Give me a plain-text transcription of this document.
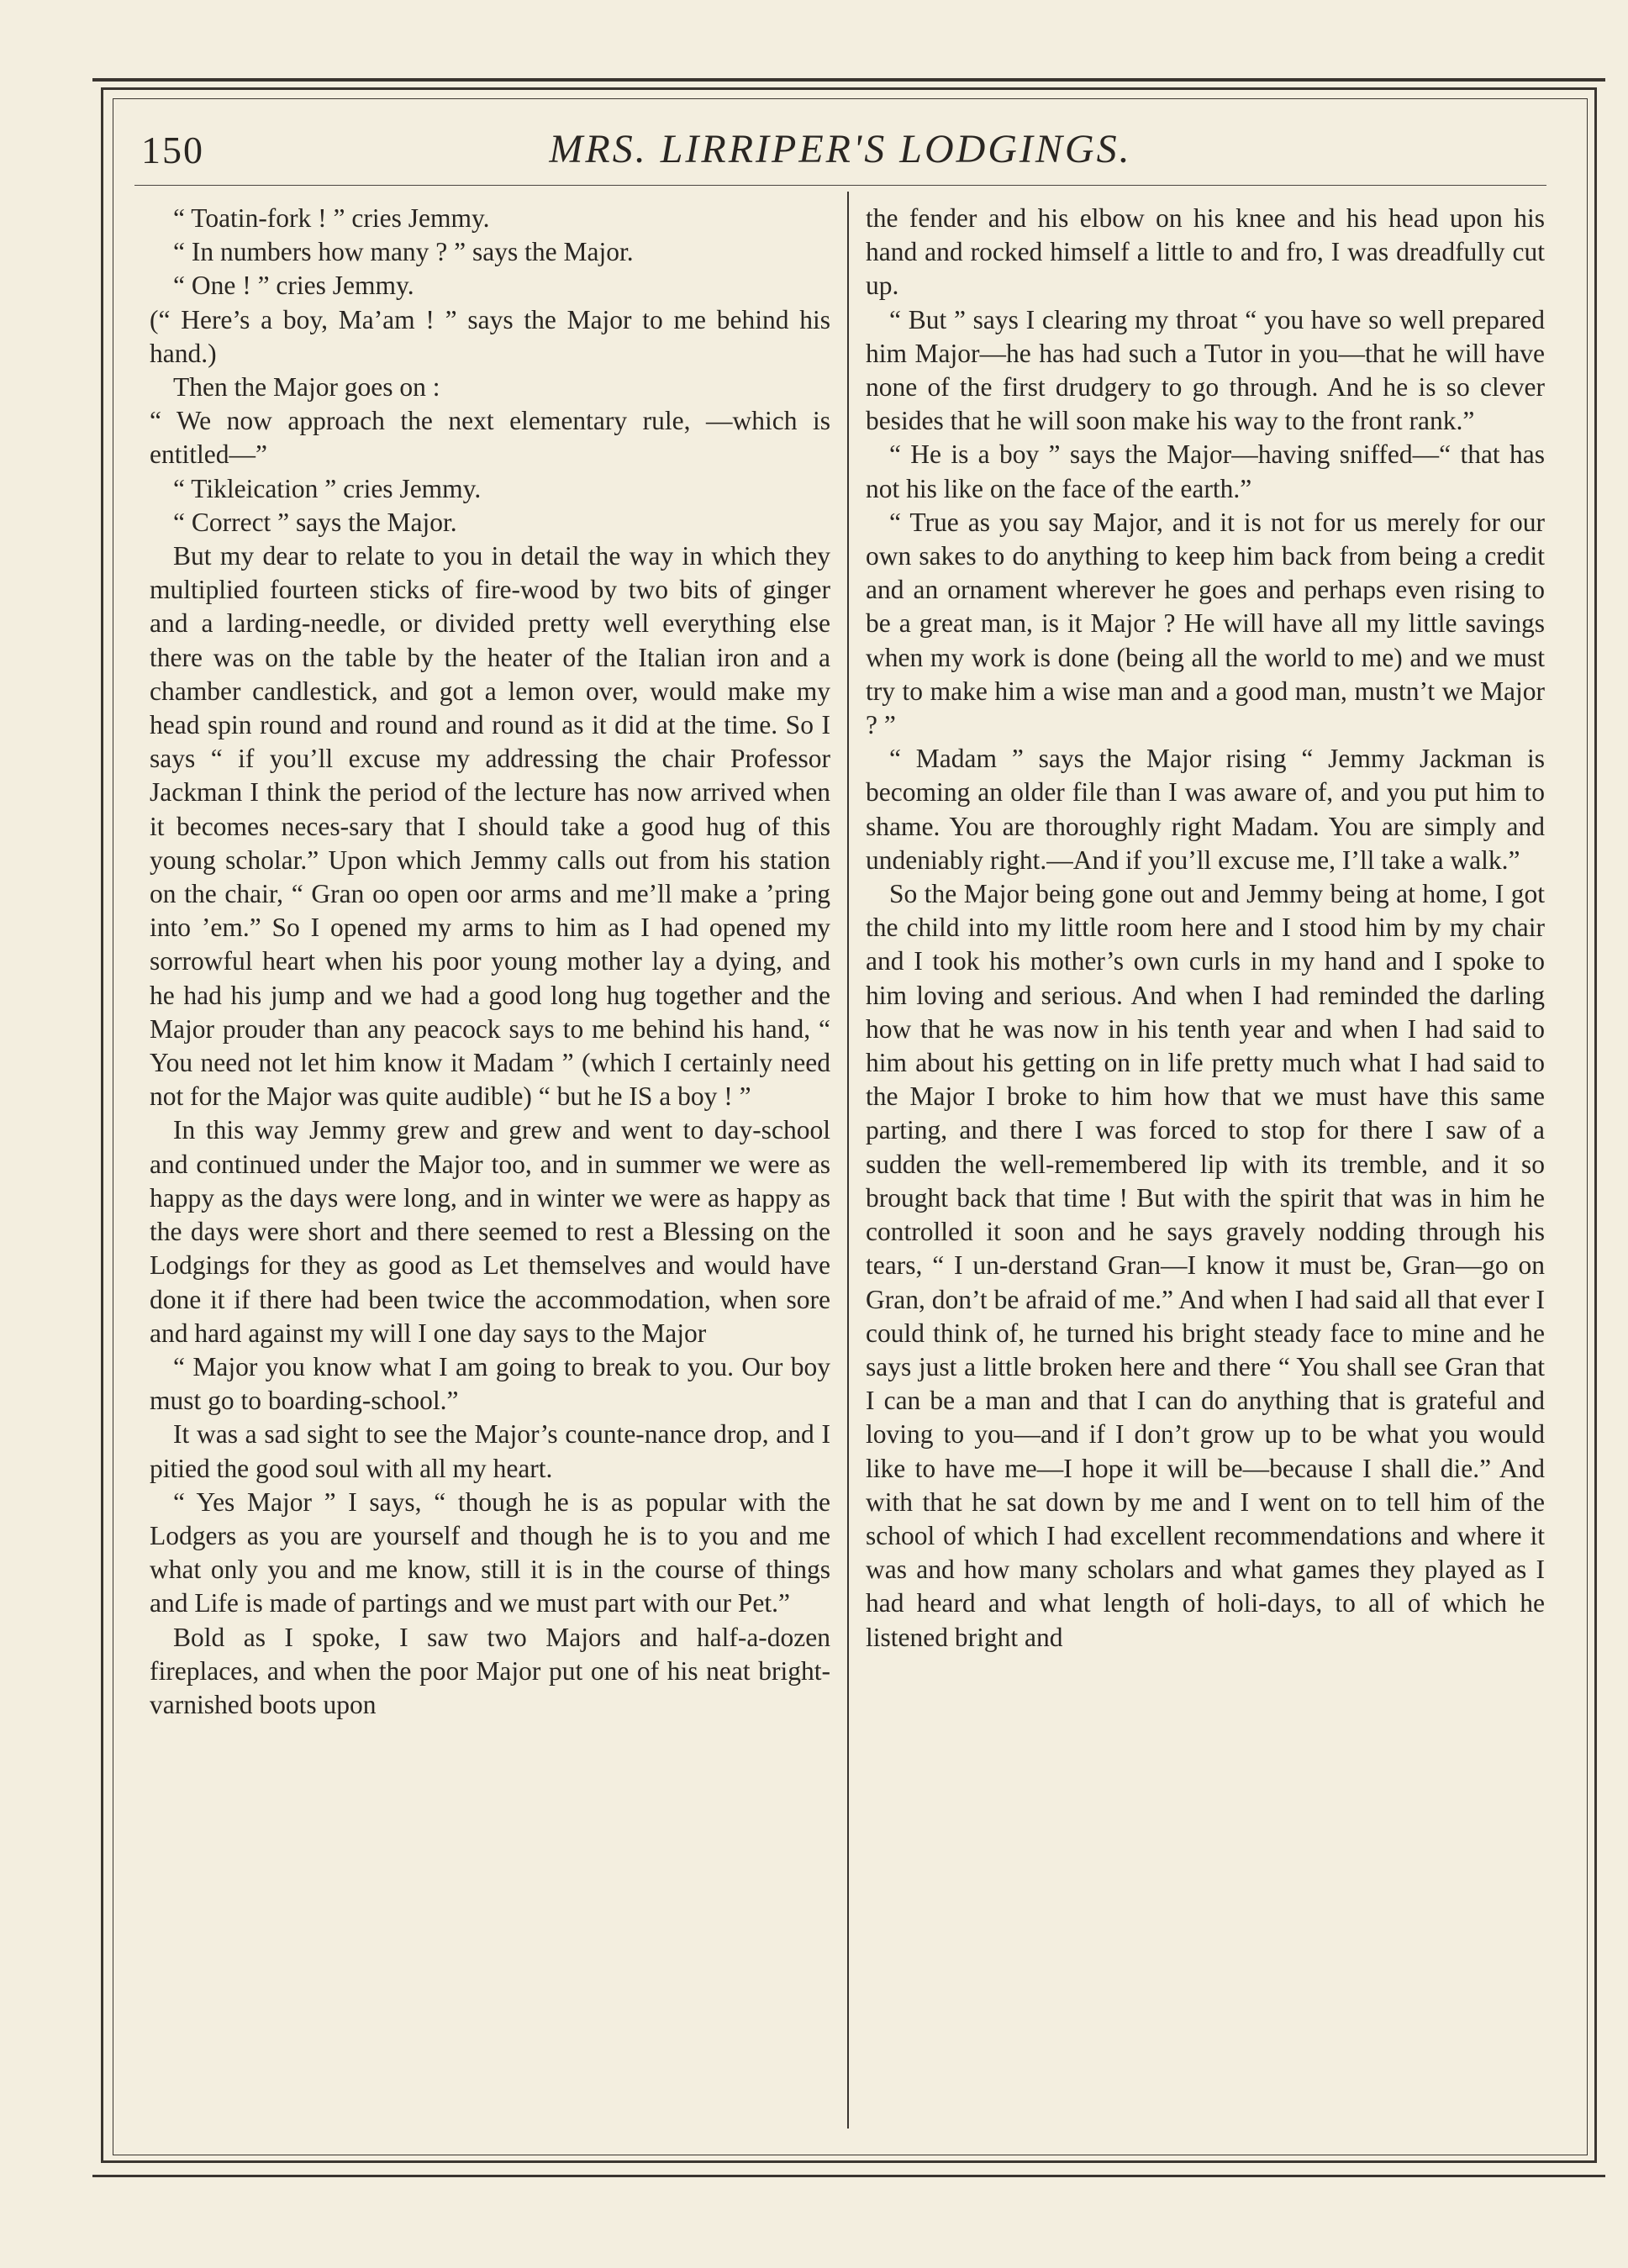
150	MRS. LIRRIPER'S LODGINGS.

“ Toatin-fork ! ” cries Jemmy.

“ In numbers how many ? ” says the Major.

“ One ! ” cries Jemmy.

(“ Here’s a boy, Ma’am ! ” says the Major to me behind his hand.)

Then the Major goes on :

“ We now approach the next elementary rule, —which is entitled—”

“ Tikleication ” cries Jemmy.

“ Correct ” says the Major.

But my dear to relate to you in detail the way in which they multiplied fourteen sticks of fire-wood by two bits of ginger and a larding-needle, or divided pretty well everything else there was on the table by the heater of the Italian iron and a chamber candlestick, and got a lemon over, would make my head spin round and round and round as it did at the time. So I says “ if you’ll excuse my addressing the chair Professor Jackman I think the period of the lecture has now arrived when it becomes neces-sary that I should take a good hug of this young scholar.” Upon which Jemmy calls out from his station on the chair, “ Gran oo open oor arms and me’ll make a ’pring into ’em.” So I opened my arms to him as I had opened my sorrowful heart when his poor young mother lay a dying, and he had his jump and we had a good long hug together and the Major prouder than any peacock says to me behind his hand, “ You need not let him know it Madam ” (which I certainly need not for the Major was quite audible) “ but he IS a boy ! ”

In this way Jemmy grew and grew and went to day-school and continued under the Major too, and in summer we were as happy as the days were long, and in winter we were as happy as the days were short and there seemed to rest a Blessing on the Lodgings for they as good as Let themselves and would have done it if there had been twice the accommodation, when sore and hard against my will I one day says to the Major

“ Major you know what I am going to break to you. Our boy must go to boarding-school.”

It was a sad sight to see the Major’s counte-nance drop, and I pitied the good soul with all my heart.

“ Yes Major ” I says, “ though he is as popular with the Lodgers as you are yourself and though he is to you and me what only you and me know, still it is in the course of things and Life is made of partings and we must part with our Pet.”

Bold as I spoke, I saw two Majors and half-a-dozen fireplaces, and when the poor Major put one of his neat bright-varnished boots upon

the fender and his elbow on his knee and his head upon his hand and rocked himself a little to and fro, I was dreadfully cut up.

“ But ” says I clearing my throat “ you have so well prepared him Major—he has had such a Tutor in you—that he will have none of the first drudgery to go through. And he is so clever besides that he will soon make his way to the front rank.”

“ He is a boy ” says the Major—having sniffed—“ that has not his like on the face of the earth.”

“ True as you say Major, and it is not for us merely for our own sakes to do anything to keep him back from being a credit and an ornament wherever he goes and perhaps even rising to be a great man, is it Major ? He will have all my little savings when my work is done (being all the world to me) and we must try to make him a wise man and a good man, mustn’t we Major ? ”

“ Madam ” says the Major rising “ Jemmy Jackman is becoming an older file than I was aware of, and you put him to shame. You are thoroughly right Madam. You are simply and undeniably right.—And if you’ll excuse me, I’ll take a walk.”

So the Major being gone out and Jemmy being at home, I got the child into my little room here and I stood him by my chair and I took his mother’s own curls in my hand and I spoke to him loving and serious. And when I had reminded the darling how that he was now in his tenth year and when I had said to him about his getting on in life pretty much what I had said to the Major I broke to him how that we must have this same parting, and there I was forced to stop for there I saw of a sudden the well-remembered lip with its tremble, and it so brought back that time ! But with the spirit that was in him he controlled it soon and he says gravely nodding through his tears, “ I un-derstand Gran—I know it must be, Gran—go on Gran, don’t be afraid of me.” And when I had said all that ever I could think of, he turned his bright steady face to mine and he says just a little broken here and there “ You shall see Gran that I can be a man and that I can do anything that is grateful and loving to you—and if I don’t grow up to be what you would like to have me—I hope it will be—because I shall die.” And with that he sat down by me and I went on to tell him of the school of which I had excellent recommendations and where it was and how many scholars and what games they played as I had heard and what length of holi-days, to all of which he listened bright and
